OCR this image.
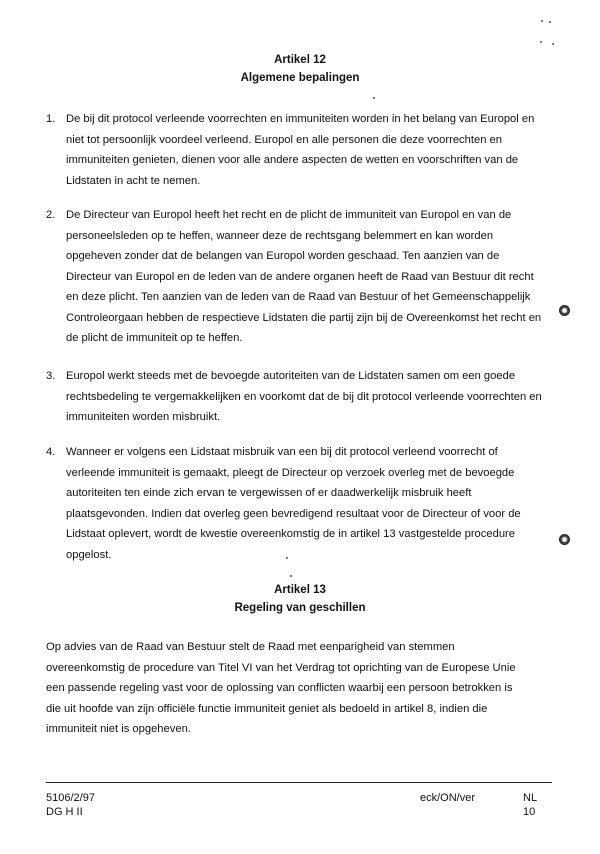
Artikel 12
Algemene bepalingen
1. De bij dit protocol verleende voorrechten en immuniteiten worden in het belang van Europol en niet tot persoonlijk voordeel verleend. Europol en alle personen die deze voorrechten en immuniteiten genieten, dienen voor alle andere aspecten de wetten en voorschriften van de Lidstaten in acht te nemen.
2. De Directeur van Europol heeft het recht en de plicht de immuniteit van Europol en van de personeelsleden op te heffen, wanneer deze de rechtsgang belemmert en kan worden opgeheven zonder dat de belangen van Europol worden geschaad. Ten aanzien van de Directeur van Europol en de leden van de andere organen heeft de Raad van Bestuur dit recht en deze plicht. Ten aanzien van de leden van de Raad van Bestuur of het Gemeenschappelijk Controleorgaan hebben de respectieve Lidstaten die partij zijn bij de Overeenkomst het recht en de plicht de immuniteit op te heffen.
3. Europol werkt steeds met de bevoegde autoriteiten van de Lidstaten samen om een goede rechtsbedeling te vergemakkelijken en voorkomt dat de bij dit protocol verleende voorrechten en immuniteiten worden misbruikt.
4. Wanneer er volgens een Lidstaat misbruik van een bij dit protocol verleend voorrecht of verleende immuniteit is gemaakt, pleegt de Directeur op verzoek overleg met de bevoegde autoriteiten ten einde zich ervan te vergewissen of er daadwerkelijk misbruik heeft plaatsgevonden. Indien dat overleg geen bevredigend resultaat voor de Directeur of voor de Lidstaat oplevert, wordt de kwestie overeenkomstig de in artikel 13 vastgestelde procedure opgelost.
Artikel 13
Regeling van geschillen

Op advies van de Raad van Bestuur stelt de Raad met eenparigheid van stemmen overeenkomstig de procedure van Titel VI van het Verdrag tot oprichting van de Europese Unie een passende regeling vast voor de oplossing van conflicten waarbij een persoon betrokken is die uit hoofde van zijn officiële functie immuniteit geniet als bedoeld in artikel 8, indien die immuniteit niet is opgeheven.

5106/2/97
DG H II
eck/ON/ver	NL
10
